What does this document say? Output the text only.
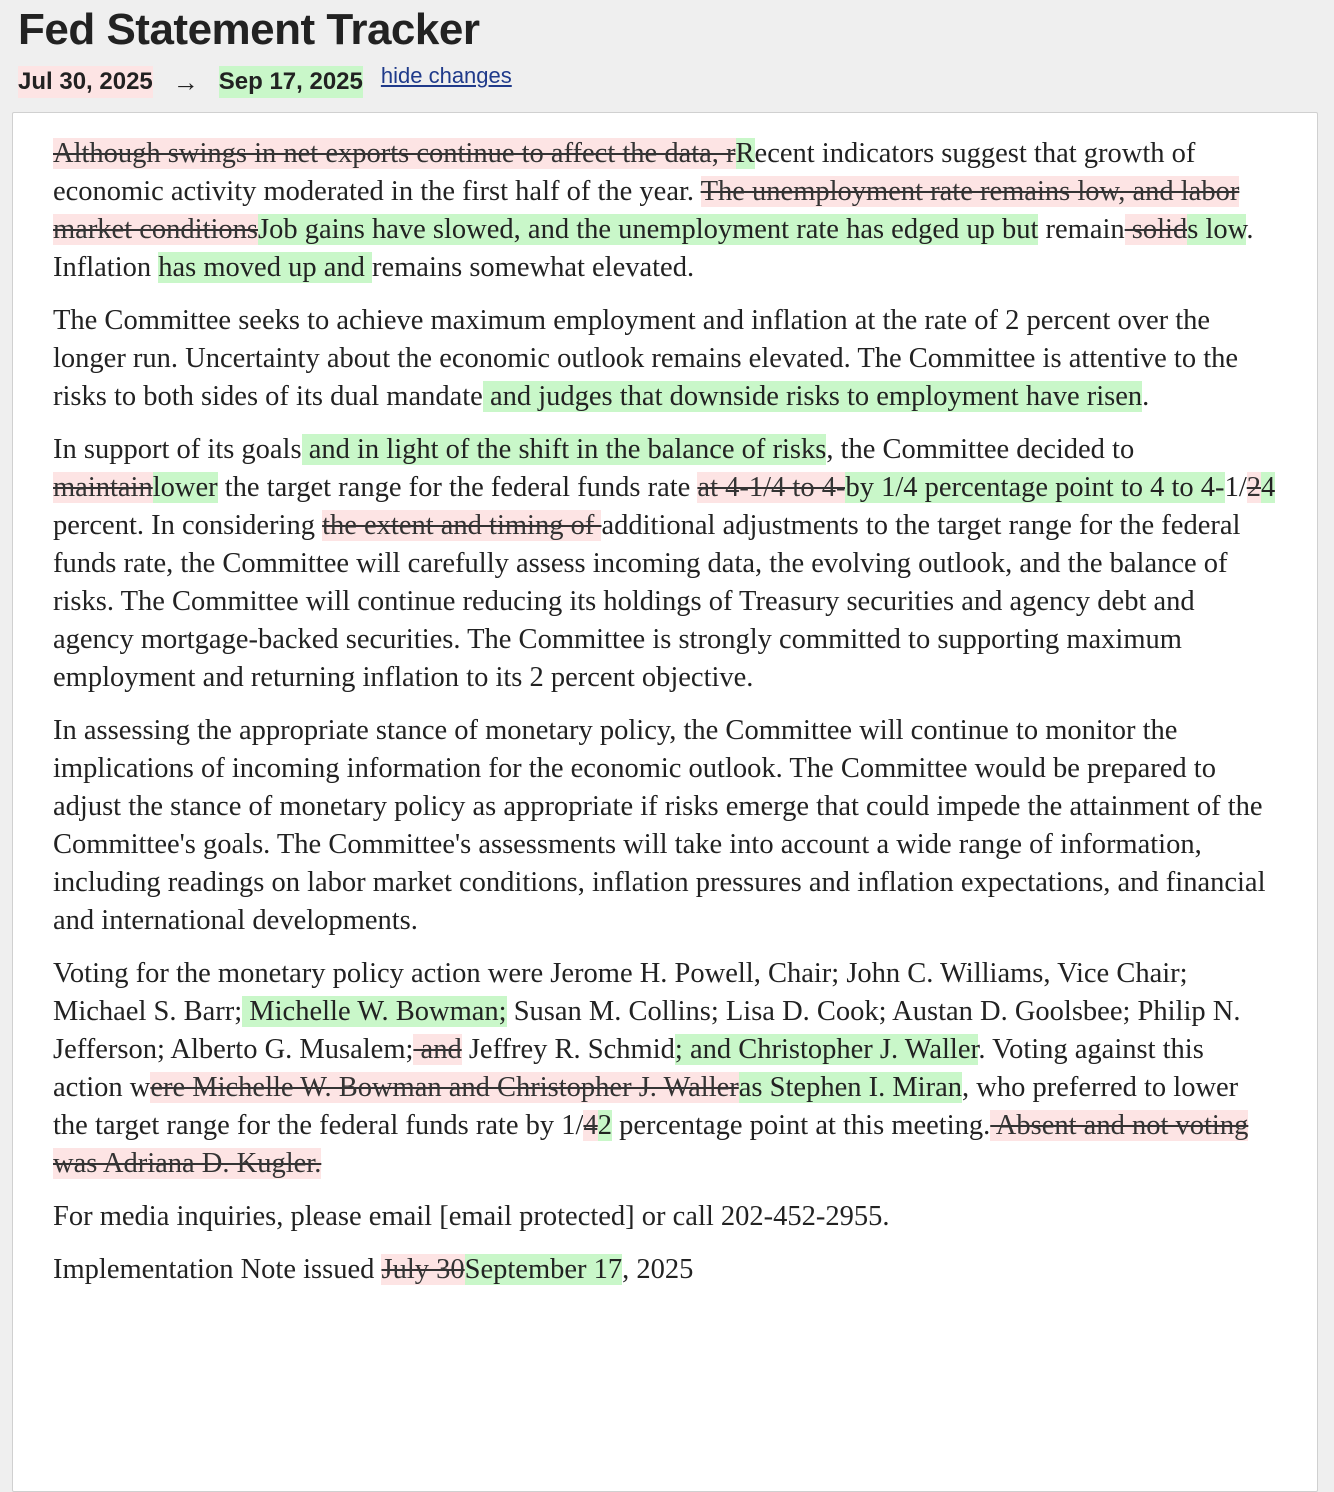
Fed Statement Tracker
Jul 30, 2025 → Sep 17, 2025 hide changes

Although swings in net exports continue to affect the data, rRecent indicators suggest that growth of economic activity moderated in the first half of the year. The unemployment rate remains low, and labor market conditionsJob gains have slowed, and the unemployment rate has edged up but remain solids low. Inflation has moved up and remains somewhat elevated.

The Committee seeks to achieve maximum employment and inflation at the rate of 2 percent over the longer run. Uncertainty about the economic outlook remains elevated. The Committee is attentive to the risks to both sides of its dual mandate and judges that downside risks to employment have risen.

In support of its goals and in light of the shift in the balance of risks, the Committee decided to maintainlower the target range for the federal funds rate at 4-1/4 to 4-by 1/4 percentage point to 4 to 4-1/24 percent. In considering the extent and timing of additional adjustments to the target range for the federal funds rate, the Committee will carefully assess incoming data, the evolving outlook, and the balance of risks. The Committee will continue reducing its holdings of Treasury securities and agency debt and agency mortgage-backed securities. The Committee is strongly committed to supporting maximum employment and returning inflation to its 2 percent objective.

In assessing the appropriate stance of monetary policy, the Committee will continue to monitor the implications of incoming information for the economic outlook. The Committee would be prepared to adjust the stance of monetary policy as appropriate if risks emerge that could impede the attainment of the Committee's goals. The Committee's assessments will take into account a wide range of information, including readings on labor market conditions, inflation pressures and inflation expectations, and financial and international developments.

Voting for the monetary policy action were Jerome H. Powell, Chair; John C. Williams, Vice Chair; Michael S. Barr; Michelle W. Bowman; Susan M. Collins; Lisa D. Cook; Austan D. Goolsbee; Philip N. Jefferson; Alberto G. Musalem; and Jeffrey R. Schmid; and Christopher J. Waller. Voting against this action were Michelle W. Bowman and Christopher J. Walleras Stephen I. Miran, who preferred to lower the target range for the federal funds rate by 1/42 percentage point at this meeting. Absent and not voting was Adriana D. Kugler.

For media inquiries, please email [email protected] or call 202-452-2955.

Implementation Note issued July 30September 17, 2025
